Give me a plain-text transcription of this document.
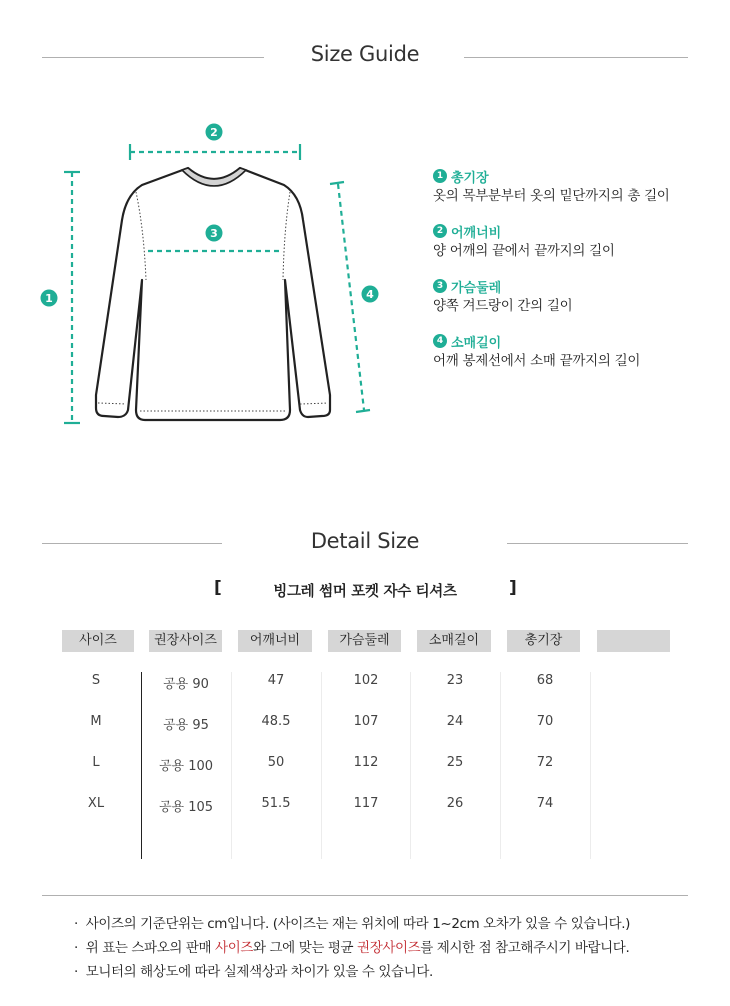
Size Guide
1
2
3
4
1 총기장
옷의 목부분부터 옷의 밑단까지의 총 길이
2 어깨너비
양 어깨의 끝에서 끝까지의 길이
3 가슴둘레
양쪽 겨드랑이 간의 길이
4 소매길이
어깨 봉제선에서 소매 끝까지의 길이
Detail Size
[	빙그레 썸머 포켓 자수 티셔츠	]
사이즈	권장사이즈	어깨너비	가슴둘레	소매길이	총기장
S	공용 90	47	102	23	68
M	공용 95	48.5	107	24	70
L	공용 100	50	112	25	72
XL	공용 105	51.5	117	26	74
· 사이즈의 기준단위는 cm입니다. (사이즈는 재는 위치에 따라 1~2cm 오차가 있을 수 있습니다.)
· 위 표는 스파오의 판매 사이즈와 그에 맞는 평균 권장사이즈를 제시한 점 참고해주시기 바랍니다.
· 모니터의 해상도에 따라 실제색상과 차이가 있을 수 있습니다.
